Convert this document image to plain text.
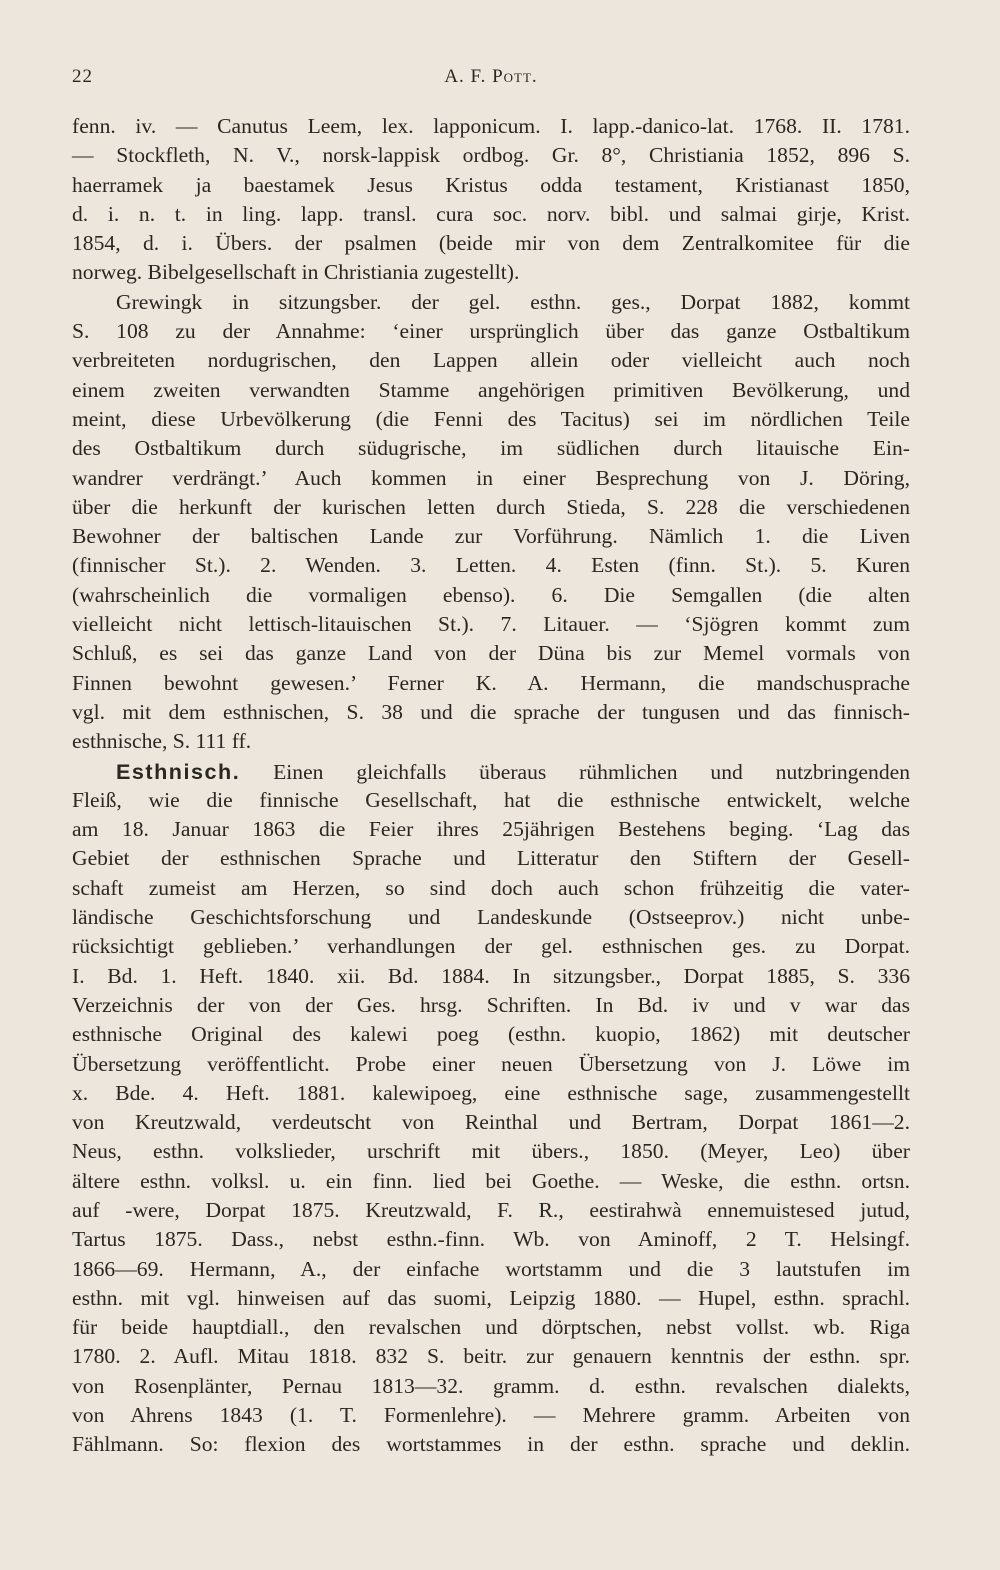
22	A. F. Pott.
fenn. iv. — Canutus Leem, lex. lapponicum. I. lapp.-danico-lat. 1768. II. 1781.
— Stockfleth, N. V., norsk-lappisk ordbog. Gr. 8°, Christiania 1852, 896 S.
haerramek ja baestamek Jesus Kristus odda testament, Kristianast 1850,
d. i. n. t. in ling. lapp. transl. cura soc. norv. bibl. und salmai girje, Krist.
1854, d. i. Übers. der psalmen (beide mir von dem Zentralkomitee für die
norweg. Bibelgesellschaft in Christiania zugestellt).
Grewingk in sitzungsber. der gel. esthn. ges., Dorpat 1882, kommt
S. 108 zu der Annahme: ‘einer ursprünglich über das ganze Ostbaltikum
verbreiteten nordugrischen, den Lappen allein oder vielleicht auch noch
einem zweiten verwandten Stamme angehörigen primitiven Bevölkerung, und
meint, diese Urbevölkerung (die Fenni des Tacitus) sei im nördlichen Teile
des Ostbaltikum durch südugrische, im südlichen durch litauische Ein-
wandrer verdrängt.’ Auch kommen in einer Besprechung von J. Döring,
über die herkunft der kurischen letten durch Stieda, S. 228 die verschiedenen
Bewohner der baltischen Lande zur Vorführung. Nämlich 1. die Liven
(finnischer St.). 2. Wenden. 3. Letten. 4. Esten (finn. St.). 5. Kuren
(wahrscheinlich die vormaligen ebenso). 6. Die Semgallen (die alten
vielleicht nicht lettisch-litauischen St.). 7. Litauer. — ‘Sjögren kommt zum
Schluß, es sei das ganze Land von der Düna bis zur Memel vormals von
Finnen bewohnt gewesen.’ Ferner K. A. Hermann, die mandschusprache
vgl. mit dem esthnischen, S. 38 und die sprache der tungusen und das finnisch-
esthnische, S. 111 ff.
Esthnisch. Einen gleichfalls überaus rühmlichen und nutzbringenden
Fleiß, wie die finnische Gesellschaft, hat die esthnische entwickelt, welche
am 18. Januar 1863 die Feier ihres 25jährigen Bestehens beging. ‘Lag das
Gebiet der esthnischen Sprache und Litteratur den Stiftern der Gesell-
schaft zumeist am Herzen, so sind doch auch schon frühzeitig die vater-
ländische Geschichtsforschung und Landeskunde (Ostseeprov.) nicht unbe-
rücksichtigt geblieben.’ verhandlungen der gel. esthnischen ges. zu Dorpat.
I. Bd. 1. Heft. 1840. xii. Bd. 1884. In sitzungsber., Dorpat 1885, S. 336
Verzeichnis der von der Ges. hrsg. Schriften. In Bd. iv und v war das
esthnische Original des kalewi poeg (esthn. kuopio, 1862) mit deutscher
Übersetzung veröffentlicht. Probe einer neuen Übersetzung von J. Löwe im
x. Bde. 4. Heft. 1881. kalewipoeg, eine esthnische sage, zusammengestellt
von Kreutzwald, verdeutscht von Reinthal und Bertram, Dorpat 1861—2.
Neus, esthn. volkslieder, urschrift mit übers., 1850. (Meyer, Leo) über
ältere esthn. volksl. u. ein finn. lied bei Goethe. — Weske, die esthn. ortsn.
auf -were, Dorpat 1875. Kreutzwald, F. R., eestirahwà ennemuistesed jutud,
Tartus 1875. Dass., nebst esthn.-finn. Wb. von Aminoff, 2 T. Helsingf.
1866—69. Hermann, A., der einfache wortstamm und die 3 lautstufen im
esthn. mit vgl. hinweisen auf das suomi, Leipzig 1880. — Hupel, esthn. sprachl.
für beide hauptdiall., den revalschen und dörptschen, nebst vollst. wb. Riga
1780. 2. Aufl. Mitau 1818. 832 S. beitr. zur genauern kenntnis der esthn. spr.
von Rosenplänter, Pernau 1813—32. gramm. d. esthn. revalschen dialekts,
von Ahrens 1843 (1. T. Formenlehre). — Mehrere gramm. Arbeiten von
Fählmann. So: flexion des wortstammes in der esthn. sprache und deklin.
